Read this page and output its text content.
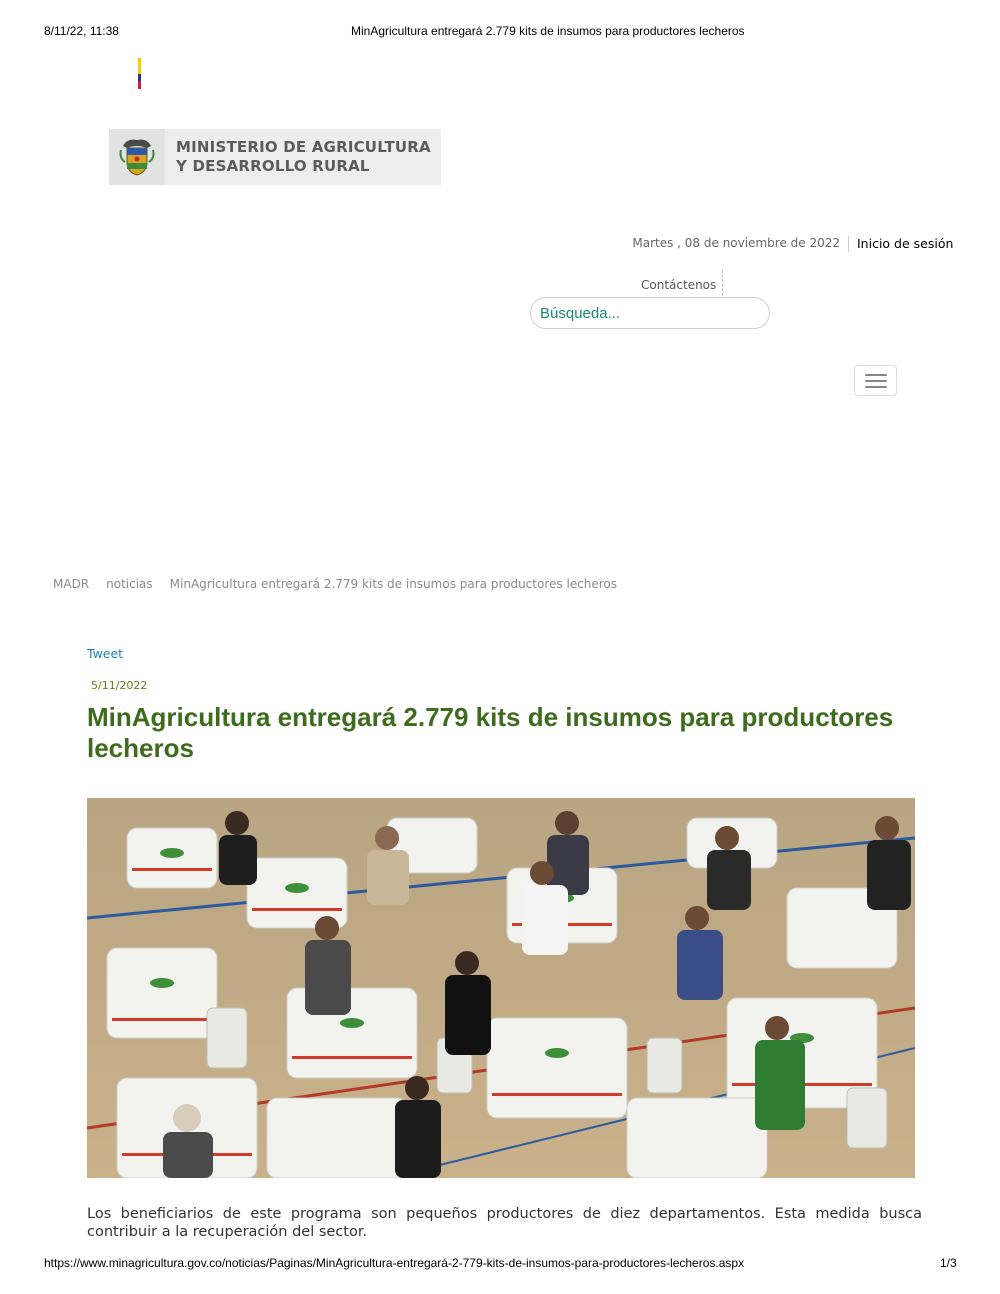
8/11/22, 11:38	MinAgricultura entregará 2.779 kits de insumos para productores lecheros
MINISTERIO DE AGRICULTURA
Y DESARROLLO RURAL
Martes , 08 de noviembre de 2022 Inicio de sesión
Contáctenos
Búsqueda...
MADR noticias MinAgricultura entregará 2.779 kits de insumos para productores lecheros
Tweet
5/11/2022
MinAgricultura entregará 2.779 kits de insumos para productores lecheros

Los beneficiarios de este programa son pequeños productores de diez departamentos. Esta medida busca contribuir a la recuperación del sector.

https://www.minagricultura.gov.co/noticias/Paginas/MinAgricultura-entregará-2-779-kits-de-insumos-para-productores-lecheros.aspx	1/3
